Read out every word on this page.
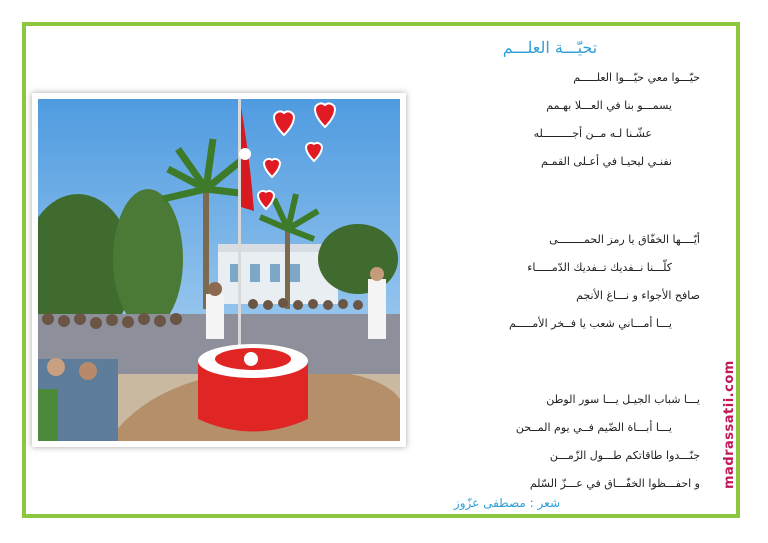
تحيّـــة العلـــم
حيّـــوا معي حيّـــوا العلـــــم
يسمـــو بنا في العـــلا بهـمم
عشّـنا لـه مــن أجـــــــــله
نفنـي ليحيـا في أعـلى القمـم
أيّــــها الخفّاق يا رمز الحمــــــــى
كلّـــنا نــفديك تــفديك الدّمـــــاء
صافح الأجواء و نـــاغ الأنجم
يـــا أمـــاني شعب يا فــخر الأمـــــم
يـــا شباب الجيـل يـــا سور الوطن
يـــا أبـــاة الضّيم فــي يوم المــحن
جنّـــدوا طاقاتكم طـــول الزّمـــن
و احفـــظوا الخفّـــاق في عـــزّ السّلم
شعر : مصطفى عزّوز
madrassatii.com
